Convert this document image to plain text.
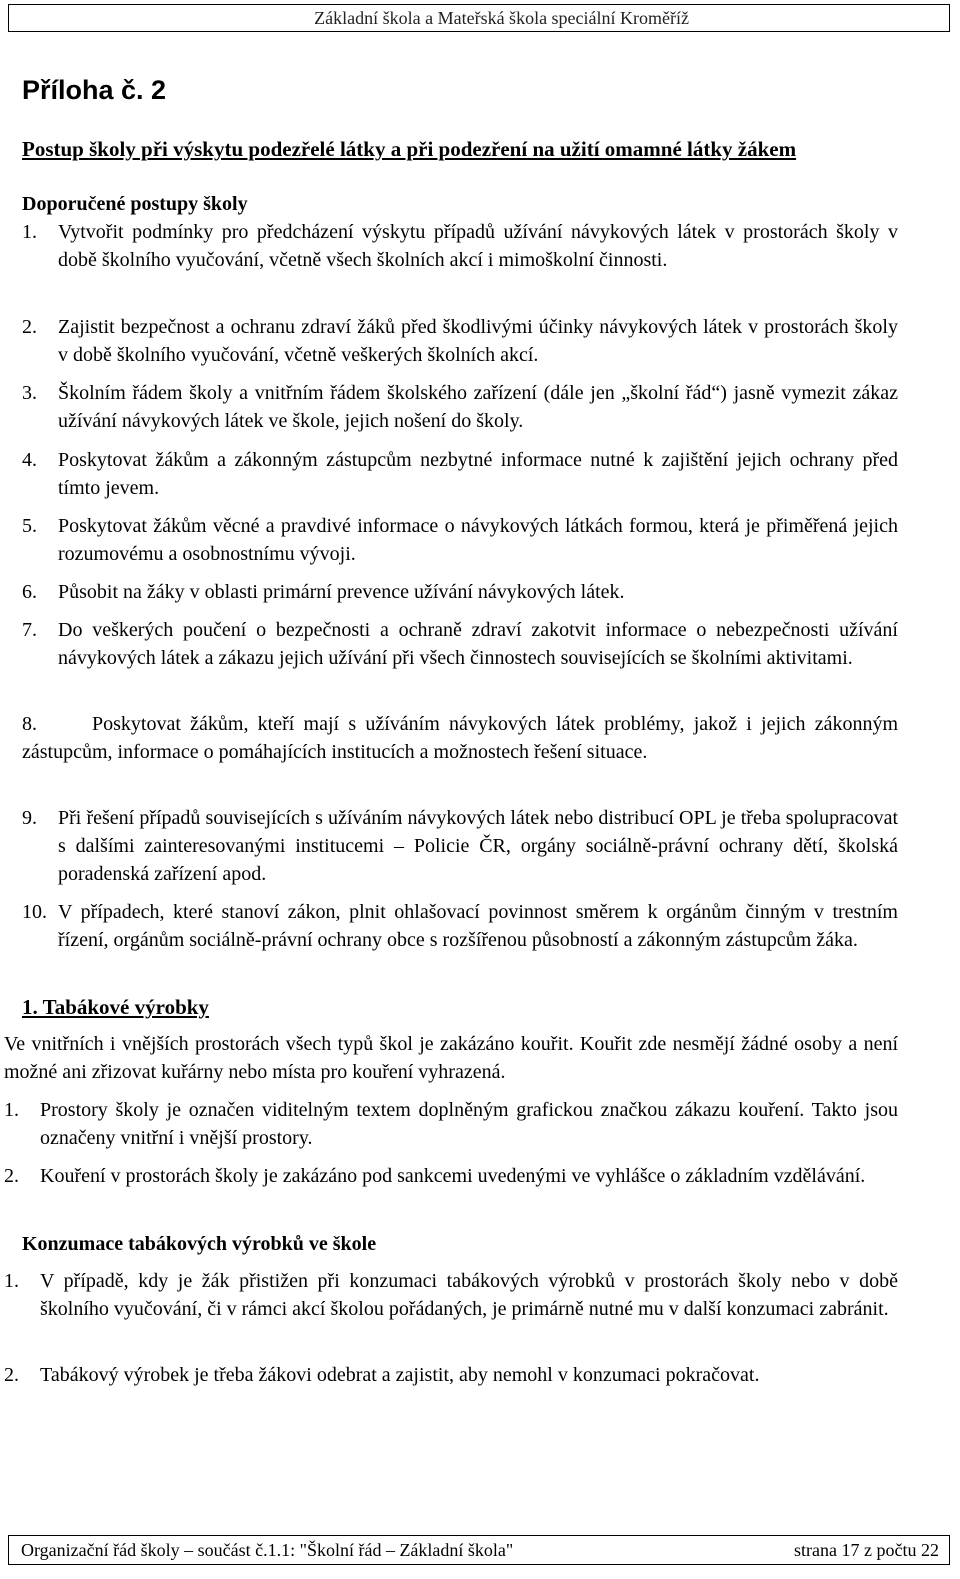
Základní škola a Mateřská škola speciální Kroměříž
Příloha č. 2
Postup školy při výskytu podezřelé látky a při podezření na užití omamné látky žákem
Doporučené postupy školy
1. Vytvořit podmínky pro předcházení výskytu případů užívání návykových látek v prostorách školy v době školního vyučování, včetně všech školních akcí i mimoškolní činnosti.
2. Zajistit bezpečnost a ochranu zdraví žáků před škodlivými účinky návykových látek v prostorách školy v době školního vyučování, včetně veškerých školních akcí.
3. Školním řádem školy a vnitřním řádem školského zařízení (dále jen „školní řád“) jasně vymezit zákaz užívání návykových látek ve škole, jejich nošení do školy.
4. Poskytovat žákům a zákonným zástupcům nezbytné informace nutné k zajištění jejich ochrany před tímto jevem.
5. Poskytovat žákům věcné a pravdivé informace o návykových látkách formou, která je přiměřená jejich rozumovému a osobnostnímu vývoji.
6. Působit na žáky v oblasti primární prevence užívání návykových látek.
7. Do veškerých poučení o bezpečnosti a ochraně zdraví zakotvit informace o nebezpečnosti užívání návykových látek a zákazu jejich užívání při všech činnostech souvisejících se školními aktivitami.
8.	Poskytovat žákům, kteří mají s užíváním návykových látek problémy, jakož i jejich zákonným zástupcům, informace o pomáhajících institucích a možnostech řešení situace.
9. Při řešení případů souvisejících s užíváním návykových látek nebo distribucí OPL je třeba spolupracovat s dalšími zainteresovanými institucemi – Policie ČR, orgány sociálně-právní ochrany dětí, školská poradenská zařízení apod.
10. V případech, které stanoví zákon, plnit ohlašovací povinnost směrem k orgánům činným v trestním řízení, orgánům sociálně-právní ochrany obce s rozšířenou působností a zákonným zástupcům žáka.
1. Tabákové výrobky
Ve vnitřních i vnějších prostorách všech typů škol je zakázáno kouřit. Kouřit zde nesmějí žádné osoby a není možné ani zřizovat kuřárny nebo místa pro kouření vyhrazená.
1. Prostory školy je označen viditelným textem doplněným grafickou značkou zákazu kouření. Takto jsou označeny vnitřní i vnější prostory.
2. Kouření v prostorách školy je zakázáno pod sankcemi uvedenými ve vyhlášce o základním vzdělávání.
Konzumace tabákových výrobků ve škole
1. V případě, kdy je žák přistižen při konzumaci tabákových výrobků v prostorách školy nebo v době školního vyučování, či v rámci akcí školou pořádaných, je primárně nutné mu v další konzumaci zabránit.
2. Tabákový výrobek je třeba žákovi odebrat a zajistit, aby nemohl v konzumaci pokračovat.
Organizační řád školy – součást č.1.1: "Školní řád – Základní škola"	strana 17 z počtu 22
